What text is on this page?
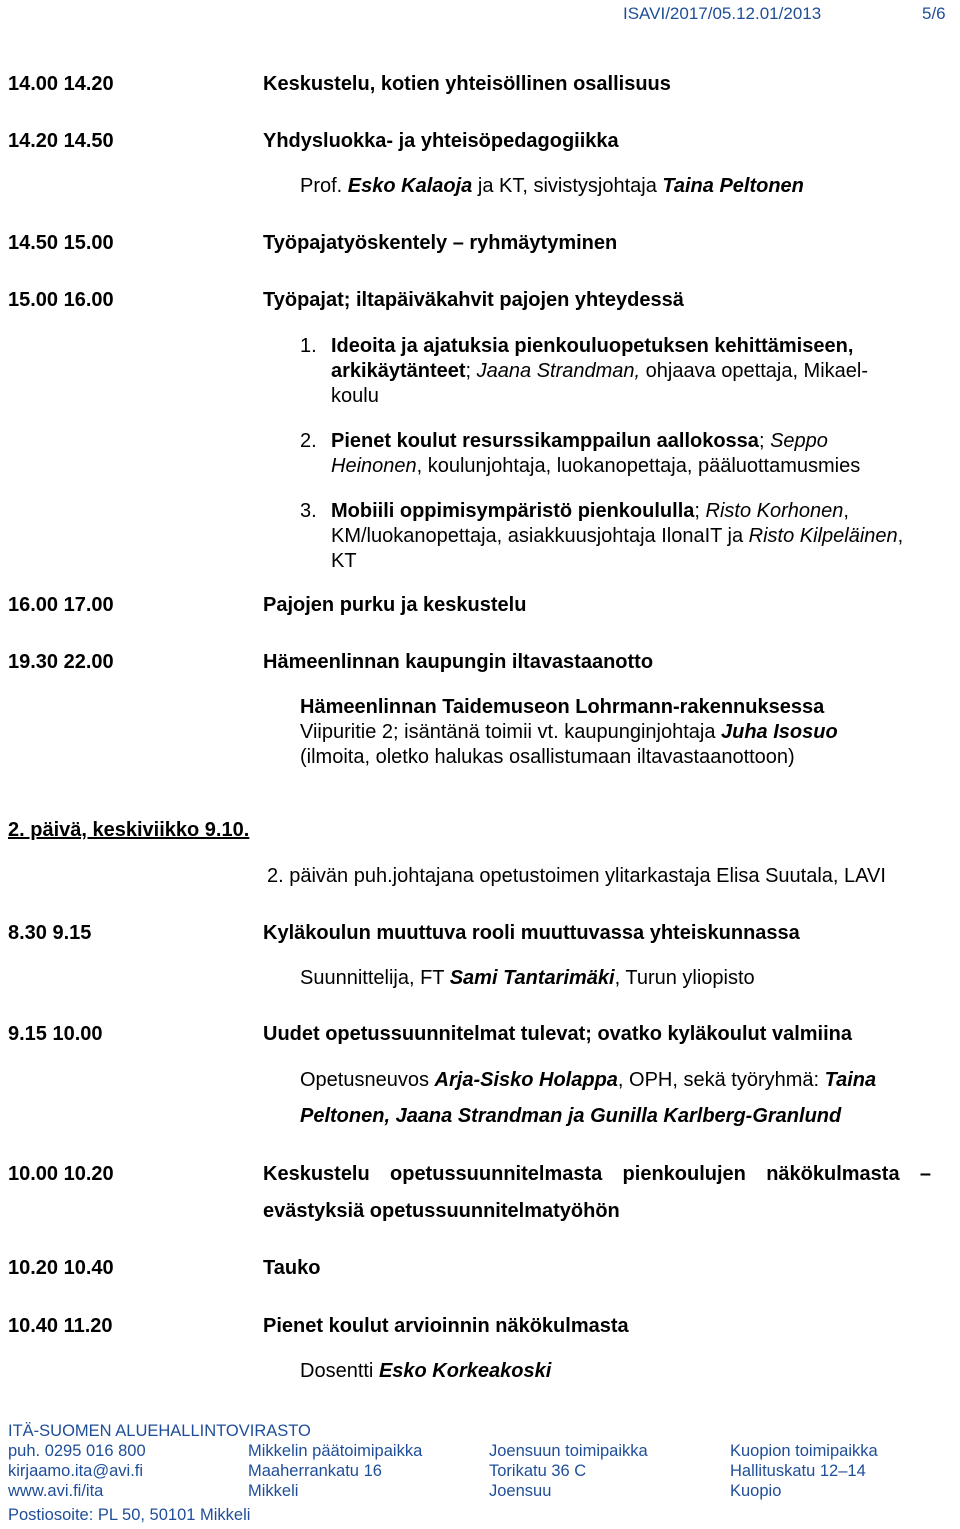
ISAVI/2017/05.12.01/2013	5/6
14.00 14.20	Keskustelu, kotien yhteisöllinen osallisuus
14.20 14.50	Yhdysluokka- ja yhteisöpedagogiikka
Prof. Esko Kalaoja ja KT, sivistysjohtaja Taina Peltonen
14.50 15.00	Työpajatyöskentely – ryhmäytyminen
15.00 16.00	Työpajat; iltapäiväkahvit pajojen yhteydessä
1. Ideoita ja ajatuksia pienkouluopetuksen kehittämiseen,
arkikäytänteet; Jaana Strandman, ohjaava opettaja, Mikael-
koulu
2. Pienet koulut resurssikamppailun aallokossa; Seppo
Heinonen, koulunjohtaja, luokanopettaja, pääluottamusmies
3. Mobiili oppimisympäristö pienkoululla; Risto Korhonen,
KM/luokanopettaja, asiakkuusjohtaja IlonaIT ja Risto Kilpeläinen,
KT
16.00 17.00	Pajojen purku ja keskustelu
19.30 22.00	Hämeenlinnan kaupungin iltavastaanotto
Hämeenlinnan Taidemuseon Lohrmann-rakennuksessa
Viipuritie 2; isäntänä toimii vt. kaupunginjohtaja Juha Isosuo
(ilmoita, oletko halukas osallistumaan iltavastaanottoon)
2. päivä, keskiviikko 9.10.
2. päivän puh.johtajana opetustoimen ylitarkastaja Elisa Suutala, LAVI
8.30 9.15	Kyläkoulun muuttuva rooli muuttuvassa yhteiskunnassa
Suunnittelija, FT Sami Tantarimäki, Turun yliopisto
9.15 10.00	Uudet opetussuunnitelmat tulevat; ovatko kyläkoulut valmiina
Opetusneuvos Arja-Sisko Holappa, OPH, sekä työryhmä: Taina
Peltonen, Jaana Strandman ja Gunilla Karlberg-Granlund
10.00 10.20	Keskustelu opetussuunnitelmasta pienkoulujen näkökulmasta –
evästyksiä opetussuunnitelmatyöhön
10.20 10.40	Tauko
10.40 11.20	Pienet koulut arvioinnin näkökulmasta
Dosentti Esko Korkeakoski
ITÄ-SUOMEN ALUEHALLINTOVIRASTO
puh. 0295 016 800
kirjaamo.ita@avi.fi
www.avi.fi/ita
Mikkelin päätoimipaikka
Maaherrankatu 16
Mikkeli
Joensuun toimipaikka
Torikatu 36 C
Joensuu
Kuopion toimipaikka
Hallituskatu 12–14
Kuopio
Postiosoite: PL 50, 50101 Mikkeli
